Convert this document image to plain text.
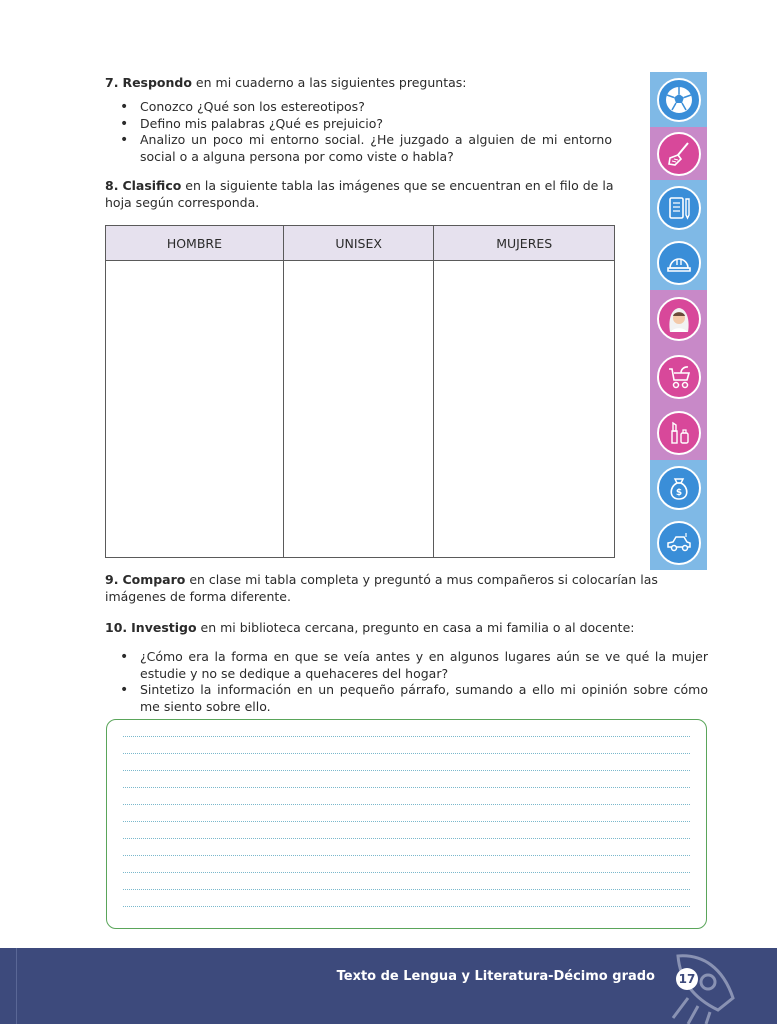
7. Respondo en mi cuaderno a las siguientes preguntas:

• Conozco ¿Qué son los estereotipos?
• Defino mis palabras ¿Qué es prejuicio?
• Analizo un poco mi entorno social. ¿He juzgado a alguien de mi entorno social o a alguna persona por como viste o habla?

8. Clasifico en la siguiente tabla las imágenes que se encuentran en el filo de la hoja según corresponda.

HOMBRE	UNISEX	MUJERES

$

9. Comparo en clase mi tabla completa y preguntó a mus compañeros si colocarían las imágenes de forma diferente.

10. Investigo en mi biblioteca cercana, pregunto en casa a mi familia o al docente:

• ¿Cómo era la forma en que se veía antes y en algunos lugares aún se ve qué la mujer estudie y no se dedique a quehaceres del hogar?
• Sintetizo la información en un pequeño párrafo, sumando a ello mi opinión sobre cómo me siento sobre ello.
Texto de Lengua y Literatura-Décimo grado 17
